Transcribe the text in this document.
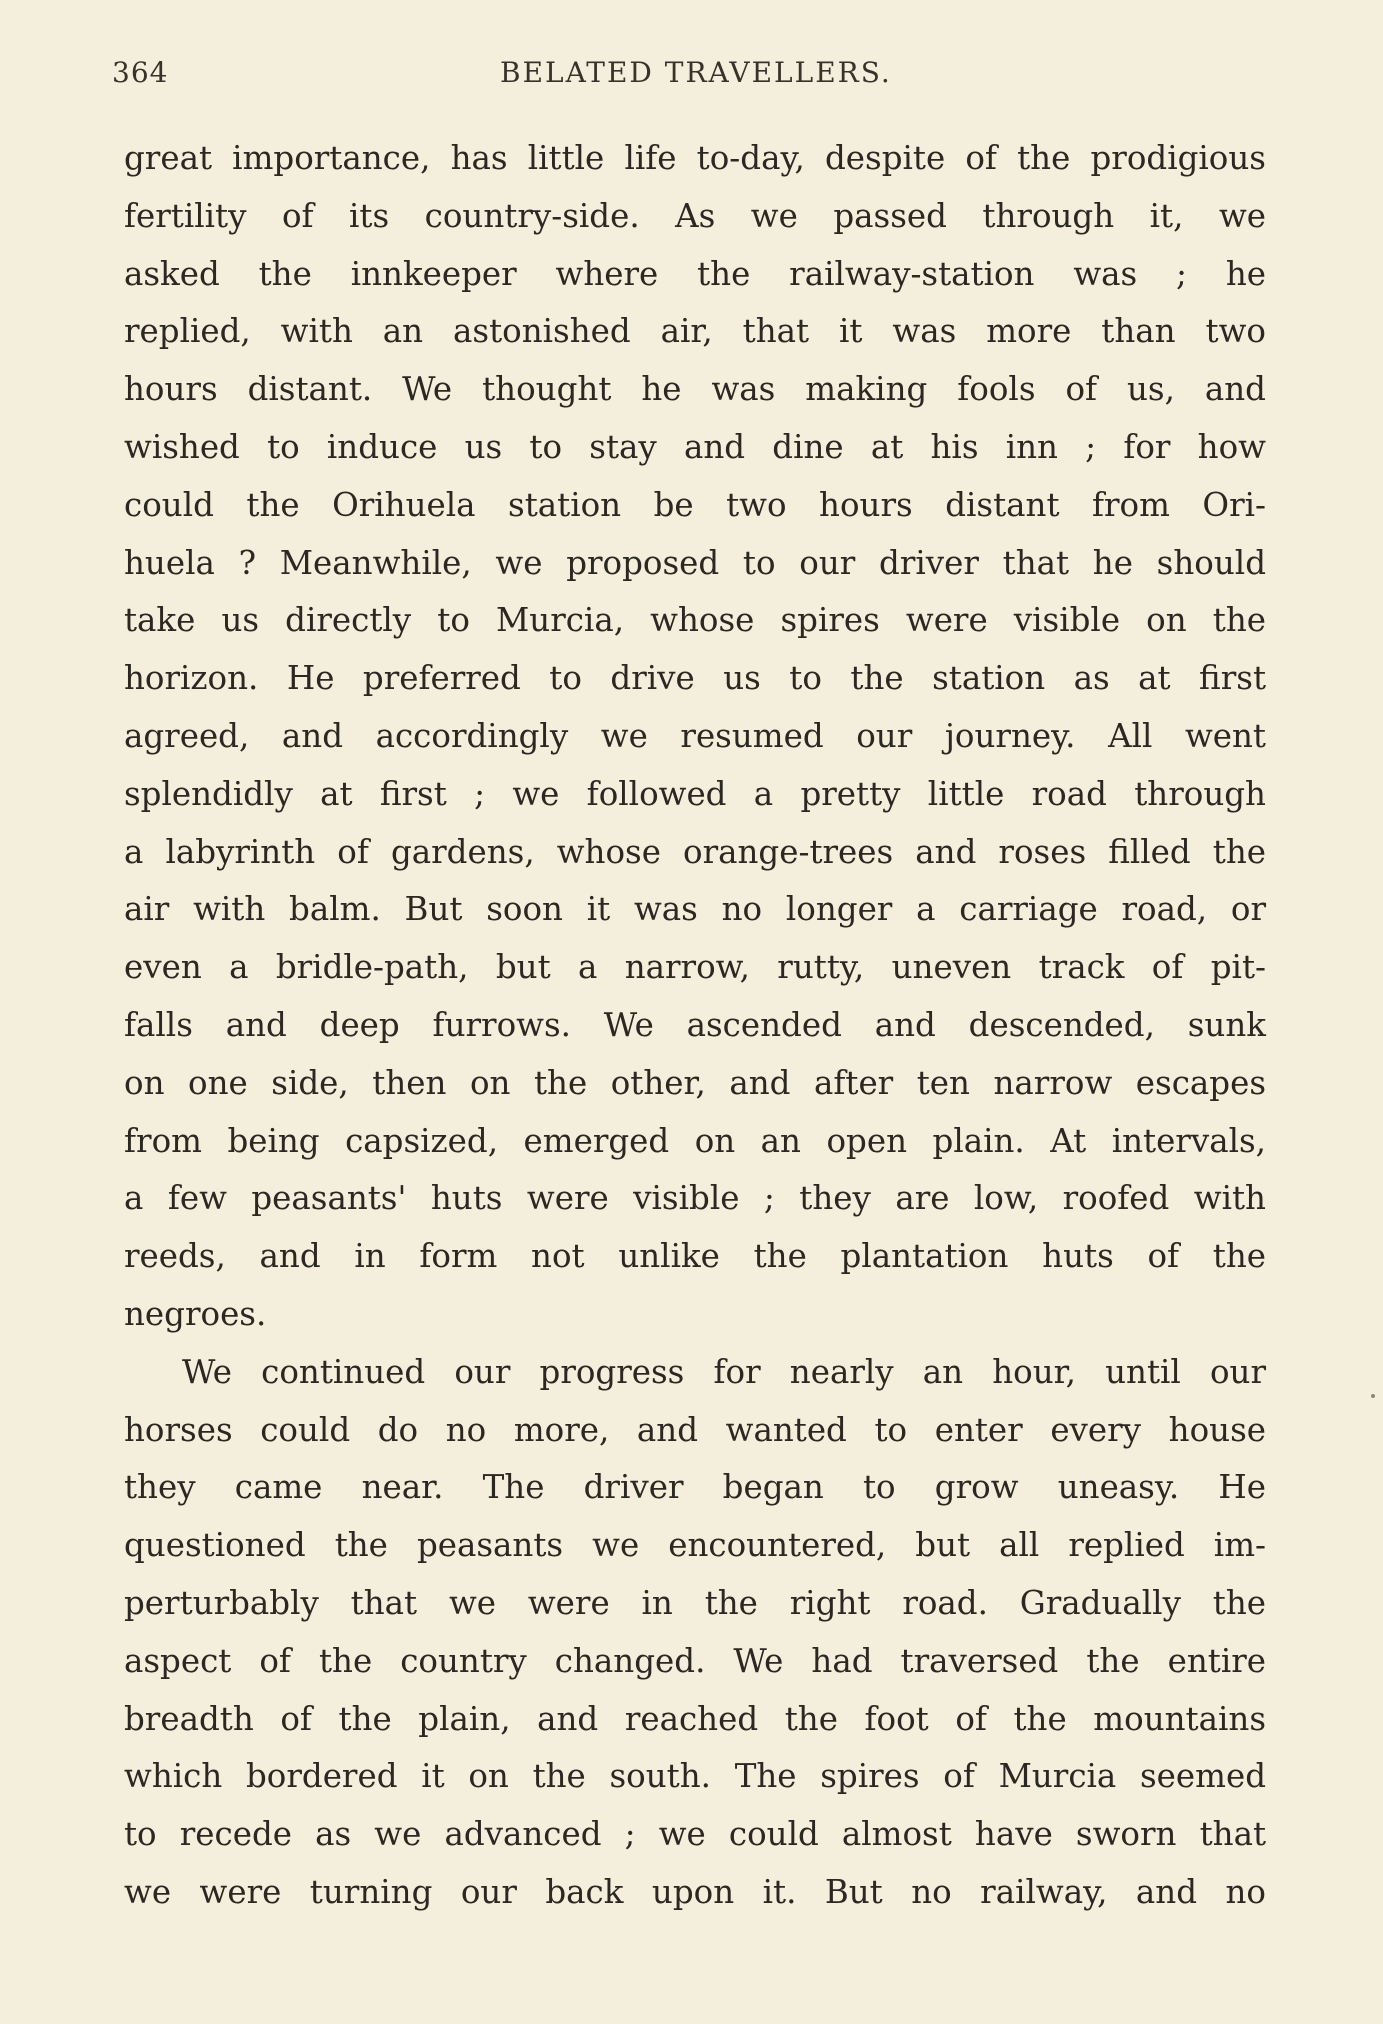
364	BELATED TRAVELLERS.
great importance, has little life to-day, despite of the prodigious
fertility of its country-side. As we passed through it, we
asked the innkeeper where the railway-station was ; he
replied, with an astonished air, that it was more than two
hours distant. We thought he was making fools of us, and
wished to induce us to stay and dine at his inn ; for how
could the Orihuela station be two hours distant from Ori-
huela ? Meanwhile, we proposed to our driver that he should
take us directly to Murcia, whose spires were visible on the
horizon. He preferred to drive us to the station as at first
agreed, and accordingly we resumed our journey. All went
splendidly at first ; we followed a pretty little road through
a labyrinth of gardens, whose orange-trees and roses filled the
air with balm. But soon it was no longer a carriage road, or
even a bridle-path, but a narrow, rutty, uneven track of pit-
falls and deep furrows. We ascended and descended, sunk
on one side, then on the other, and after ten narrow escapes
from being capsized, emerged on an open plain. At intervals,
a few peasants' huts were visible ; they are low, roofed with
reeds, and in form not unlike the plantation huts of the
negroes.
We continued our progress for nearly an hour, until our
horses could do no more, and wanted to enter every house
they came near. The driver began to grow uneasy. He
questioned the peasants we encountered, but all replied im-
perturbably that we were in the right road. Gradually the
aspect of the country changed. We had traversed the entire
breadth of the plain, and reached the foot of the mountains
which bordered it on the south. The spires of Murcia seemed
to recede as we advanced ; we could almost have sworn that
we were turning our back upon it. But no railway, and no
